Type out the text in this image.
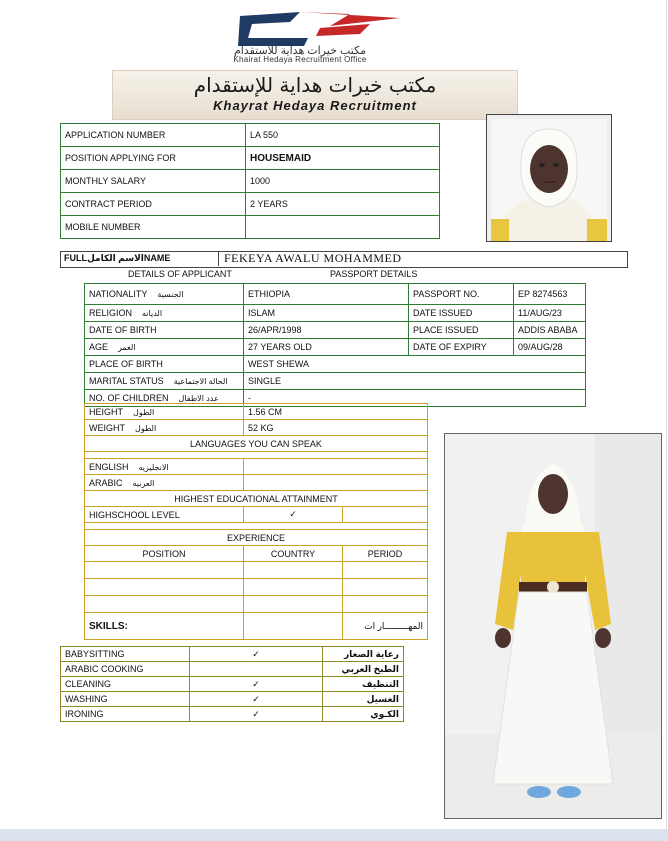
مكتب خيرات هداية للاستقدام
Khairat Hedaya Recruitment Office
مكتب خيرات هداية للإستقدام
Khayrat Hedaya Recruitment
APPLICATION NUMBER	LA 550
POSITION APPLYING FOR	HOUSEMAID
MONTHLY SALARY	1000
CONTRACT PERIOD	2 YEARS
MOBILE NUMBER	
FULLالاسم الكاملNAME	FEKEYA AWALU MOHAMMED
DETAILS OF APPLICANT	PASSPORT DETAILS
NATIONALITY الجنسية	ETHIOPIA	PASSPORT NO.	EP 8274563
RELIGION الديانه	ISLAM	DATE ISSUED	11/AUG/23
DATE OF BIRTH	26/APR/1998	PLACE ISSUED	ADDIS ABABA
AGE العمر	27 YEARS OLD	DATE OF EXPIRY	09/AUG/28
PLACE OF BIRTH	WEST SHEWA		
MARITAL STATUS الحالة الاجتماعية	SINGLE		
NO. OF CHILDREN عدد الاطفال	-		
HEIGHT الطول	1.56 CM	
WEIGHT الطول	52 KG	
LANGUAGES YOU CAN SPEAK		

ENGLISH الانجليزيه		
ARABIC العربيه		
HIGHEST EDUCATIONAL ATTAINMENT		
HIGHSCHOOL LEVEL	✓	

EXPERIENCE		
POSITION	COUNTRY	PERIOD

SKILLS:		المهـــــــــار ات
BABYSITTING	✓	رعاية الصغار
ARABIC COOKING		الطبخ العربي
CLEANING	✓	التنظيف
WASHING	✓	الغسيل
IRONING	✓	الكـوي
